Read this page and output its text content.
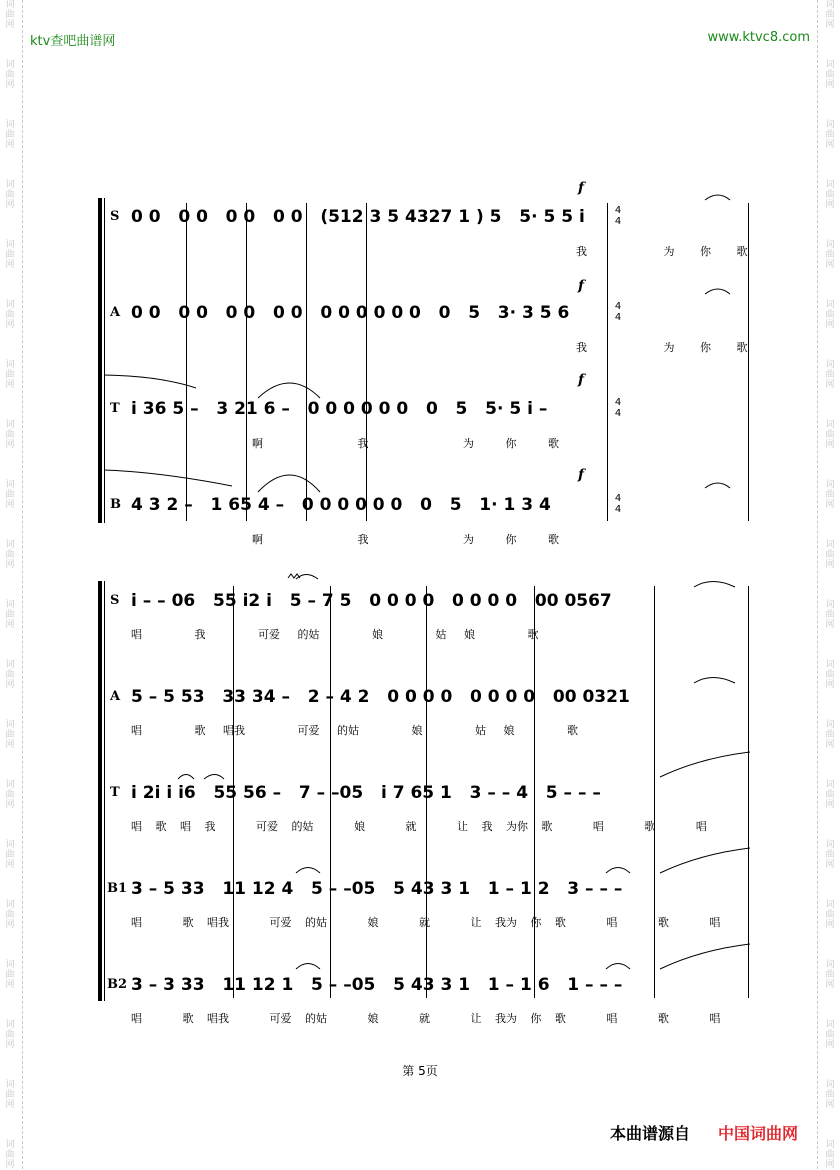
词
曲
网
词
曲
网
词
曲
网
词
曲
网
词
曲
网
词
曲
网
词
曲
网
词
曲
网
词
曲
网
词
曲
网
词
曲
网
词
曲
网
词
曲
网
词
曲
网
词
曲
网
词
曲
网
词
曲
网
词
曲
网
词
曲
网
词
曲
网
词
曲
网
词
曲
网
词
曲
网
词
曲
网
词
曲
网
词
曲
网
词
曲
网
词
曲
网
词
曲
网
词
曲
网
词
曲
网
词
曲
网
词
曲
网
词
曲
网
词
曲
网
词
曲
网
词
曲
网
词
曲
网
词
曲
网
词
曲
网
ktv查吧曲谱网	www.ktvc8.com
f
f
f
f
4
4
4
4
4
4
4
4
S 0 0   0 0   0 0   0 0   (512 3 5 4327 1 ) 5   5· 5 5 i
我   为 你 歌
A 0 0   0 0   0 0   0 0   0 0 0 0 0 0   0   5   3· 3 5 6
我   为 你 歌
T i 36 5 –   3 21 6 –   0 0 0 0 0 0   0   5   5· 5 i –
啊   我   为 你 歌
B 4 3 2 –   1 65 4 –   0 0 0 0 0 0   0   5   1· 1 3 4
啊   我   为 你 歌
S i – – 06   55 i2 i   5 – 7 5   0 0 0 0   0 0 0 0   00 0567
唱   我   可爱 的姑   娘   姑 娘   歌
A 5 – 5 53   33 34 –   2 – 4 2   0 0 0 0   0 0 0 0   00 0321
唱   歌 唱我   可爱 的姑   娘   姑 娘   歌
T i 2i i i6   55 56 –   7 – –05   i 7 65 1   3 – – 4   5 – – –
唱 歌 唱 我   可爱 的姑   娘   就   让 我 为你 歌   唱   歌   唱
B1 3 – 5 33   11 12 4   5 – –05   5 43 3 1   1 – 1 2   3 – – –
唱   歌 唱我   可爱 的姑   娘   就   让 我为 你 歌   唱   歌   唱
B2 3 – 3 33   11 12 1   5 – –05   5 43 3 1   1 – 1 6   1 – – –
唱   歌 唱我   可爱 的姑   娘   就   让 我为 你 歌   唱   歌   唱
第 5页
本曲谱源自 中国词曲网
